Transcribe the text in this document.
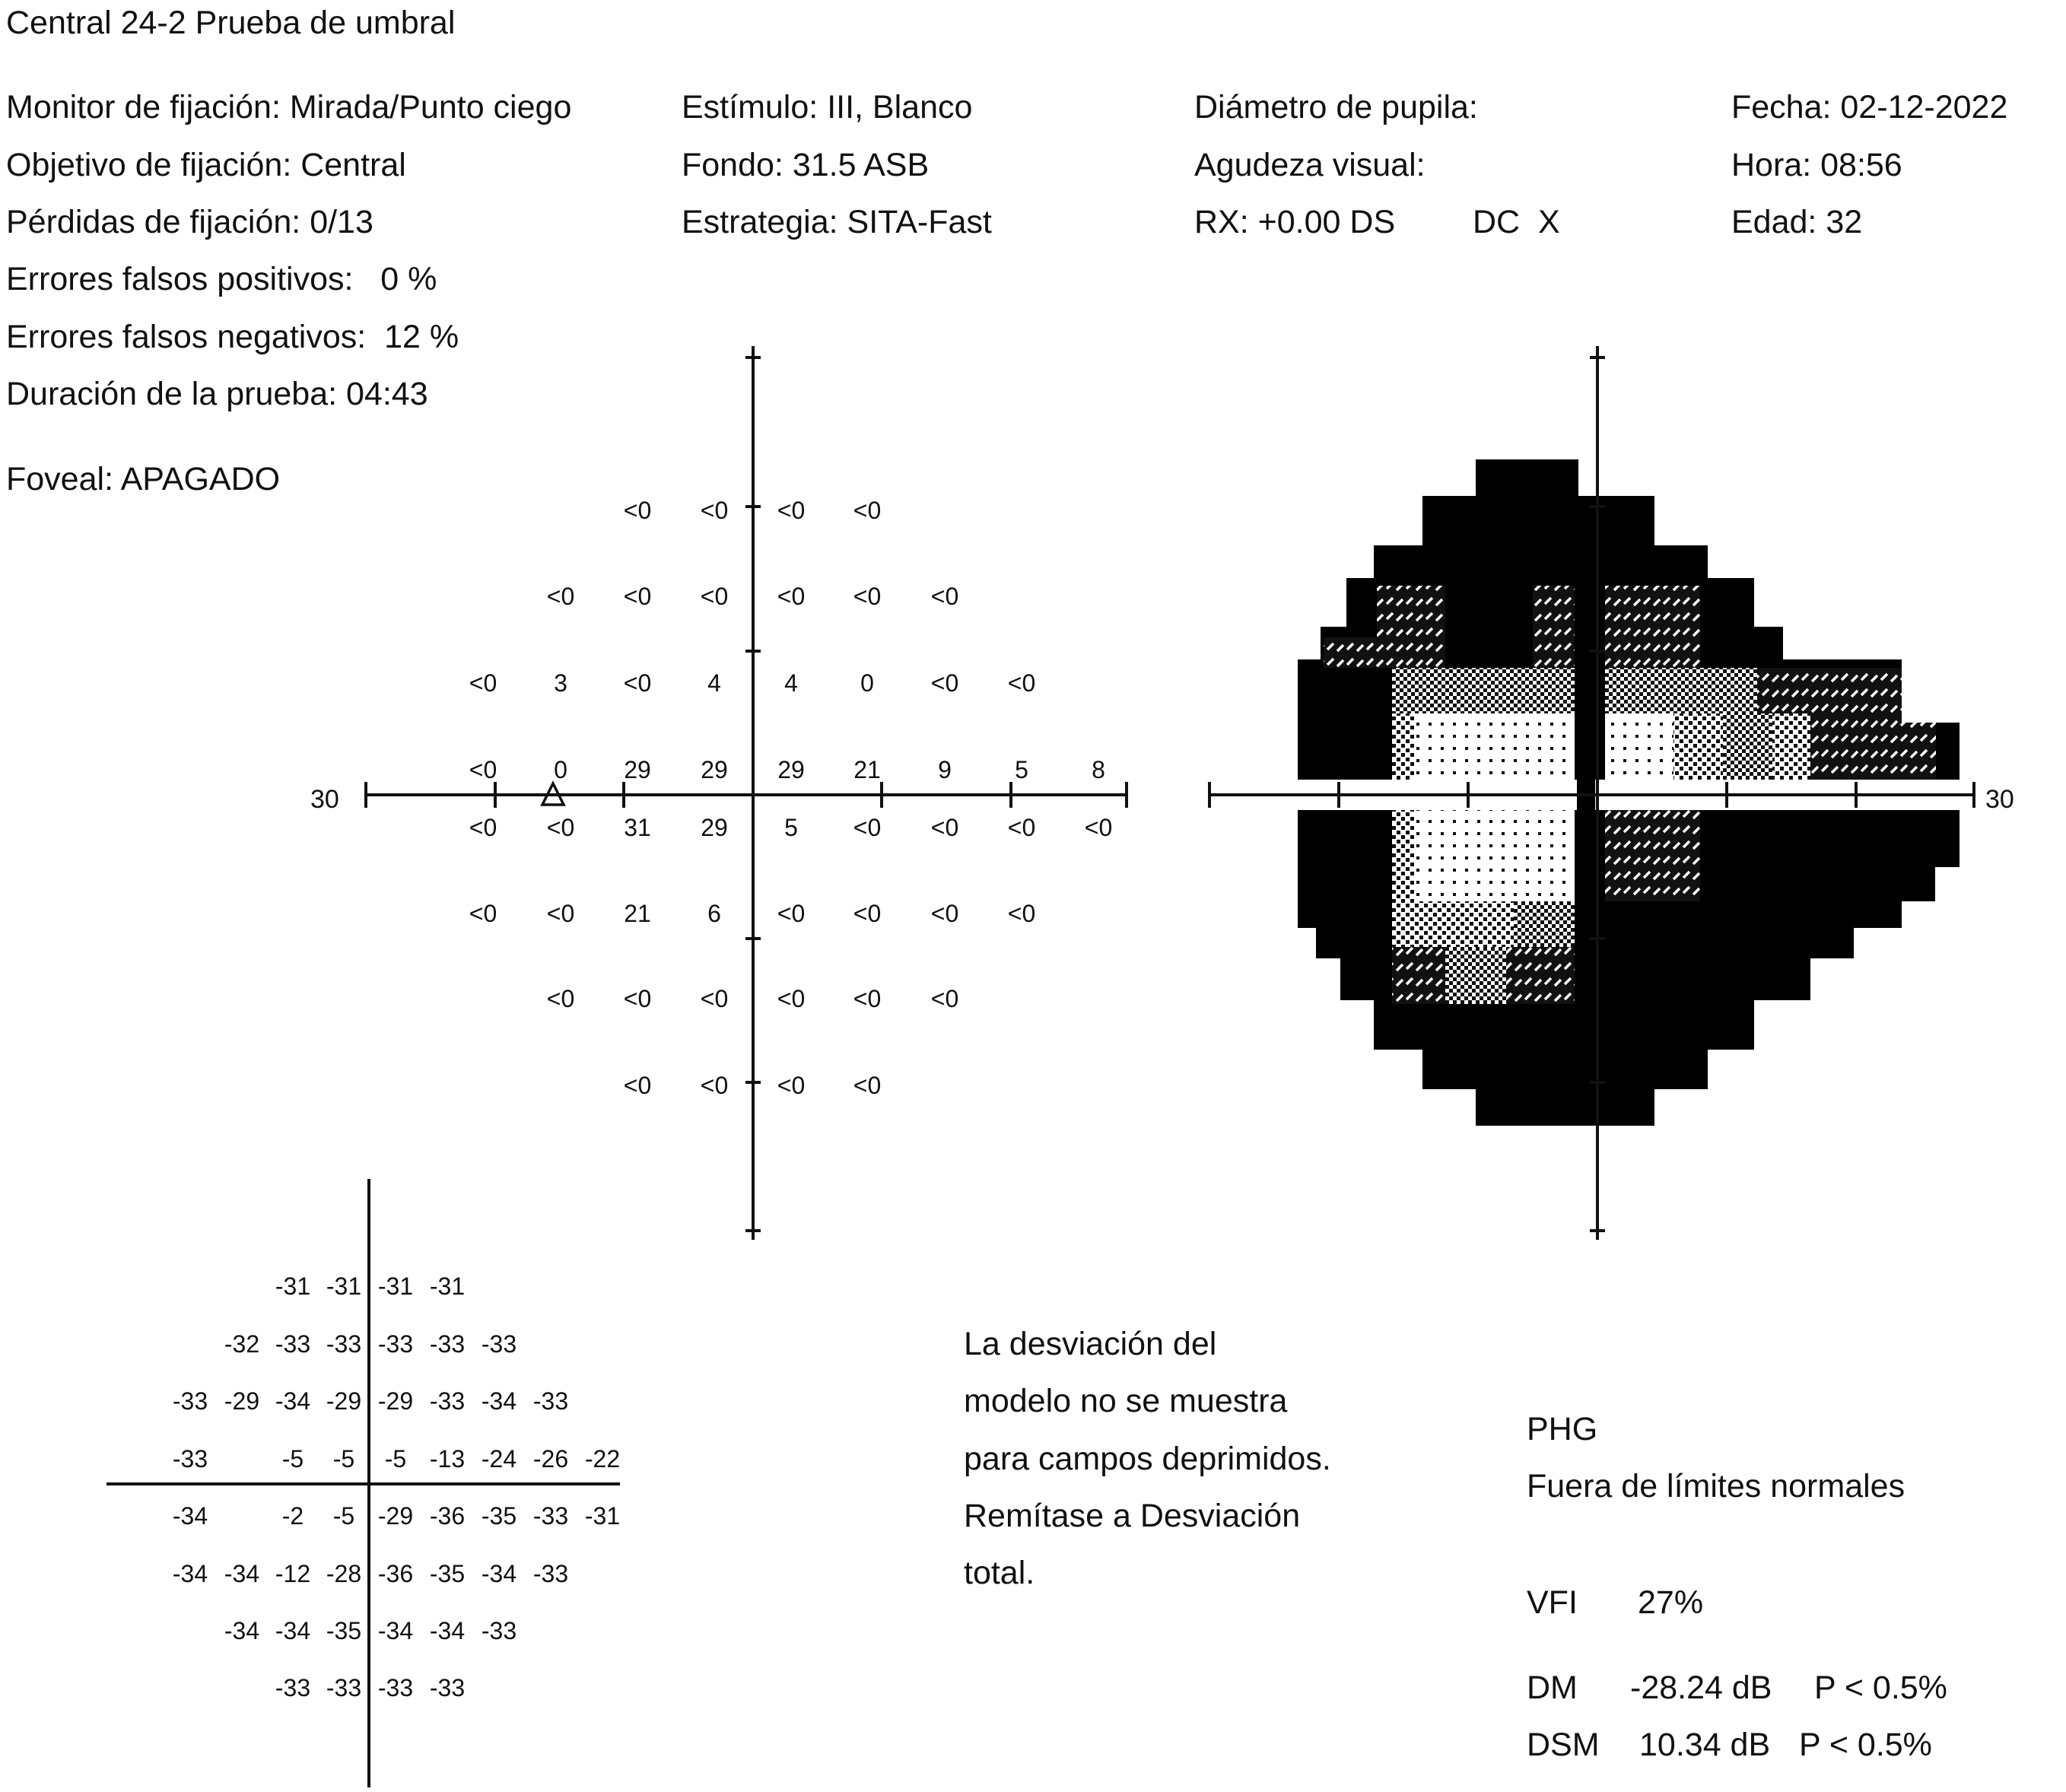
Central 24-2 Prueba de umbral
Monitor de fijación: Mirada/Punto ciego
Objetivo de fijación: Central
Pérdidas de fijación: 0/13
Errores falsos positivos: 0 %
Errores falsos negativos: 12 %
Duración de la prueba: 04:43
Foveal: APAGADO
Estímulo: III, Blanco
Fondo: 31.5 ASB
Estrategia: SITA-Fast
Diámetro de pupila:
Agudeza visual:
RX: +0.00 DS DC X
Fecha: 02-12-2022
Hora: 08:56
Edad: 32
30
<0 <0 <0 <0
<0 <0 <0 <0 <0 <0
<0 3 <0 4	4	0 <0 <0
<0 0 29 29 29 21 9	5	8
<0 <0 31 29 5 <0 <0 <0 <0
<0 <0 21 6 <0 <0 <0 <0
<0 <0 <0 <0 <0 <0
<0 <0 <0 <0
30
-31 -31 -31 -31
-32 -33 -33 -33 -33 -33
-33 -29 -34 -29 -29 -33 -34 -33
-33	-5 -5 -5 -13 -24 -26 -22
-34	-2 -5 -29 -36 -35 -33 -31
-34 -34 -12 -28 -36 -35 -34 -33
-34 -34 -35 -34 -34 -33
-33 -33 -33 -33
La desviación del
modelo no se muestra
para campos deprimidos.
Remítase a Desviación
total.
PHG
Fuera de límites normales
VFI 27%
DM -28.24 dB P < 0.5%
DSM 10.34 dB P < 0.5%
